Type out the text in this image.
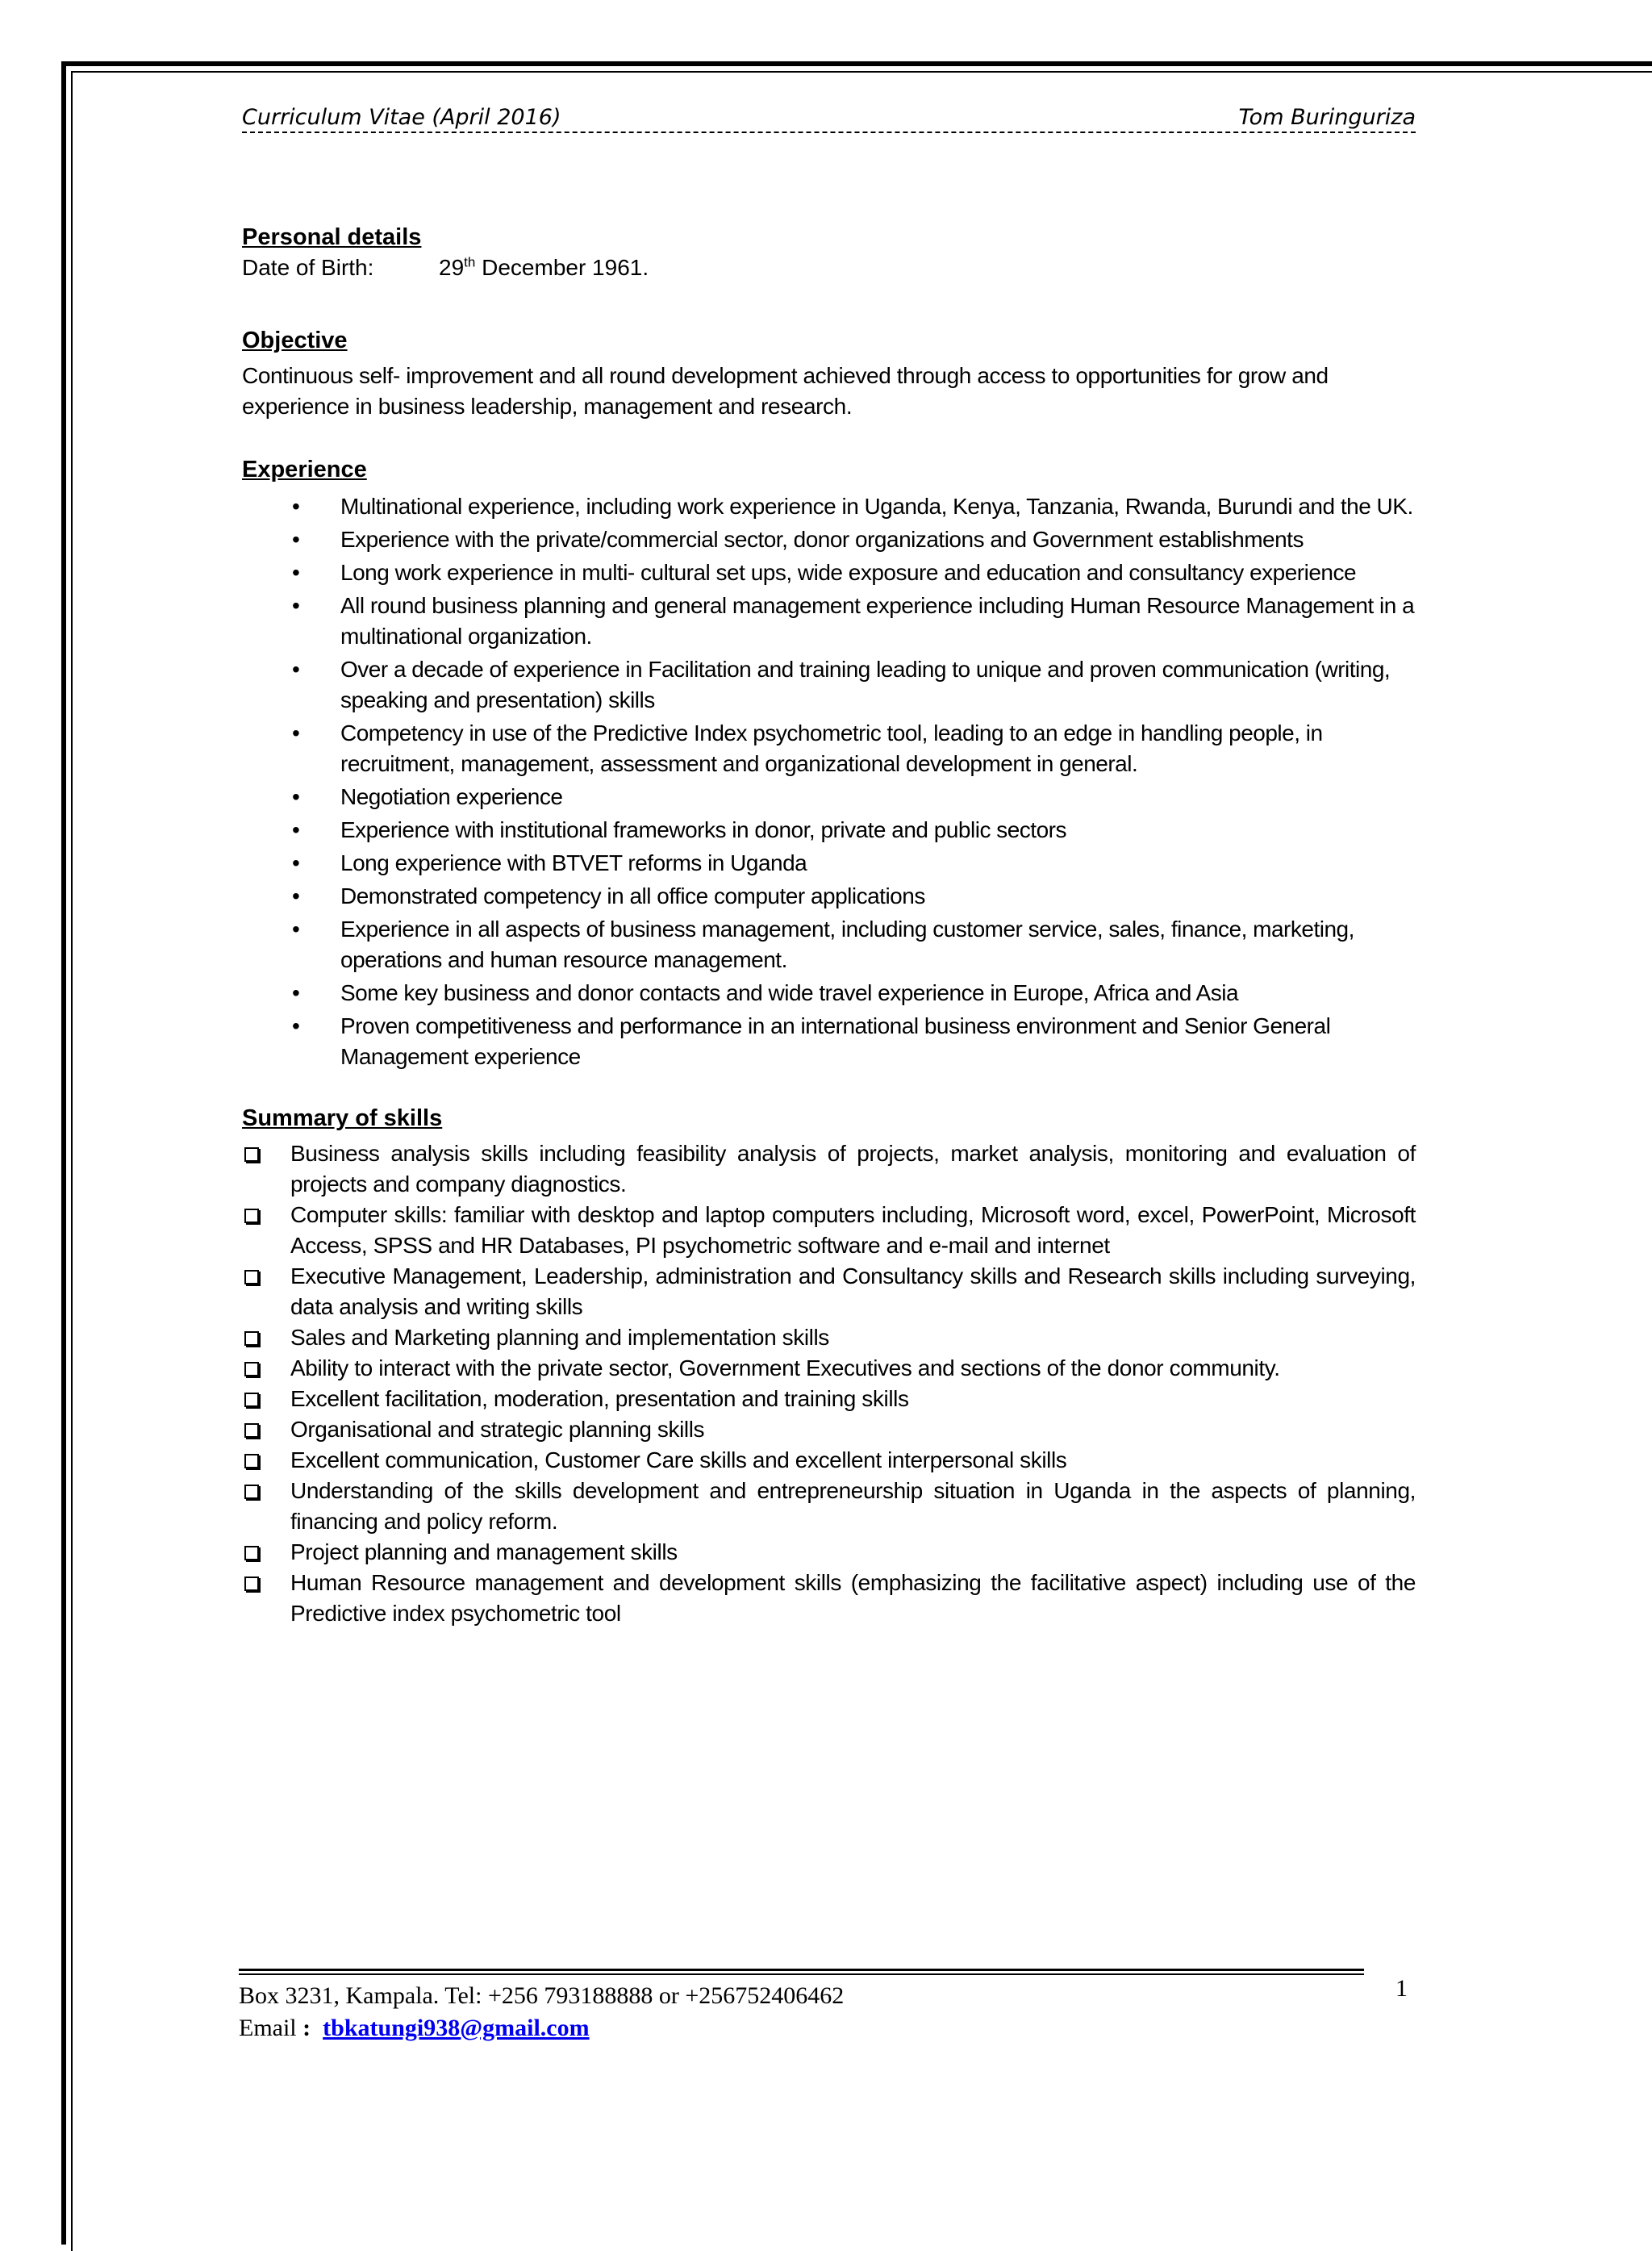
Curriculum Vitae (April 2016)	Tom Buringuriza
Personal details
Date of Birth:	29th December 1961.
Objective
Continuous self- improvement and all round development achieved through access to opportunities for grow and experience in business leadership, management and research.
Experience
• Multinational experience, including work experience in Uganda, Kenya, Tanzania, Rwanda, Burundi and the UK.
• Experience with the private/commercial sector, donor organizations and Government establishments
• Long work experience in multi- cultural set ups, wide exposure and education and consultancy experience
• All round business planning and general management experience including Human Resource Management in a multinational organization.
• Over a decade of experience in Facilitation and training leading to unique and proven communication (writing, speaking and presentation) skills
• Competency in use of the Predictive Index psychometric tool, leading to an edge in handling people, in recruitment, management, assessment and organizational development in general.
• Negotiation experience
• Experience with institutional frameworks in donor, private and public sectors
• Long experience with BTVET reforms in Uganda
• Demonstrated competency in all office computer applications
• Experience in all aspects of business management, including customer service, sales, finance, marketing, operations and human resource management.
• Some key business and donor contacts and wide travel experience in Europe, Africa and Asia
• Proven competitiveness and performance in an international business environment and Senior General Management experience
Summary of skills
Business analysis skills including feasibility analysis of projects, market analysis, monitoring and evaluation of projects and company diagnostics.
Computer skills: familiar with desktop and laptop computers including, Microsoft word, excel, PowerPoint, Microsoft Access, SPSS and HR Databases, PI psychometric software and e-mail and internet
Executive Management, Leadership, administration and Consultancy skills and Research skills including surveying, data analysis and writing skills
Sales and Marketing planning and implementation skills
Ability to interact with the private sector, Government Executives and sections of the donor community.
Excellent facilitation, moderation, presentation and training skills
Organisational and strategic planning skills
Excellent communication, Customer Care skills and excellent interpersonal skills
Understanding of the skills development and entrepreneurship situation in Uganda in the aspects of planning, financing and policy reform.
Project planning and management skills
Human Resource management and development skills (emphasizing the facilitative aspect) including use of the Predictive index psychometric tool
Box 3231, Kampala. Tel: +256 793188888 or +256752406462
Email : tbkatungi938@gmail.com
1
